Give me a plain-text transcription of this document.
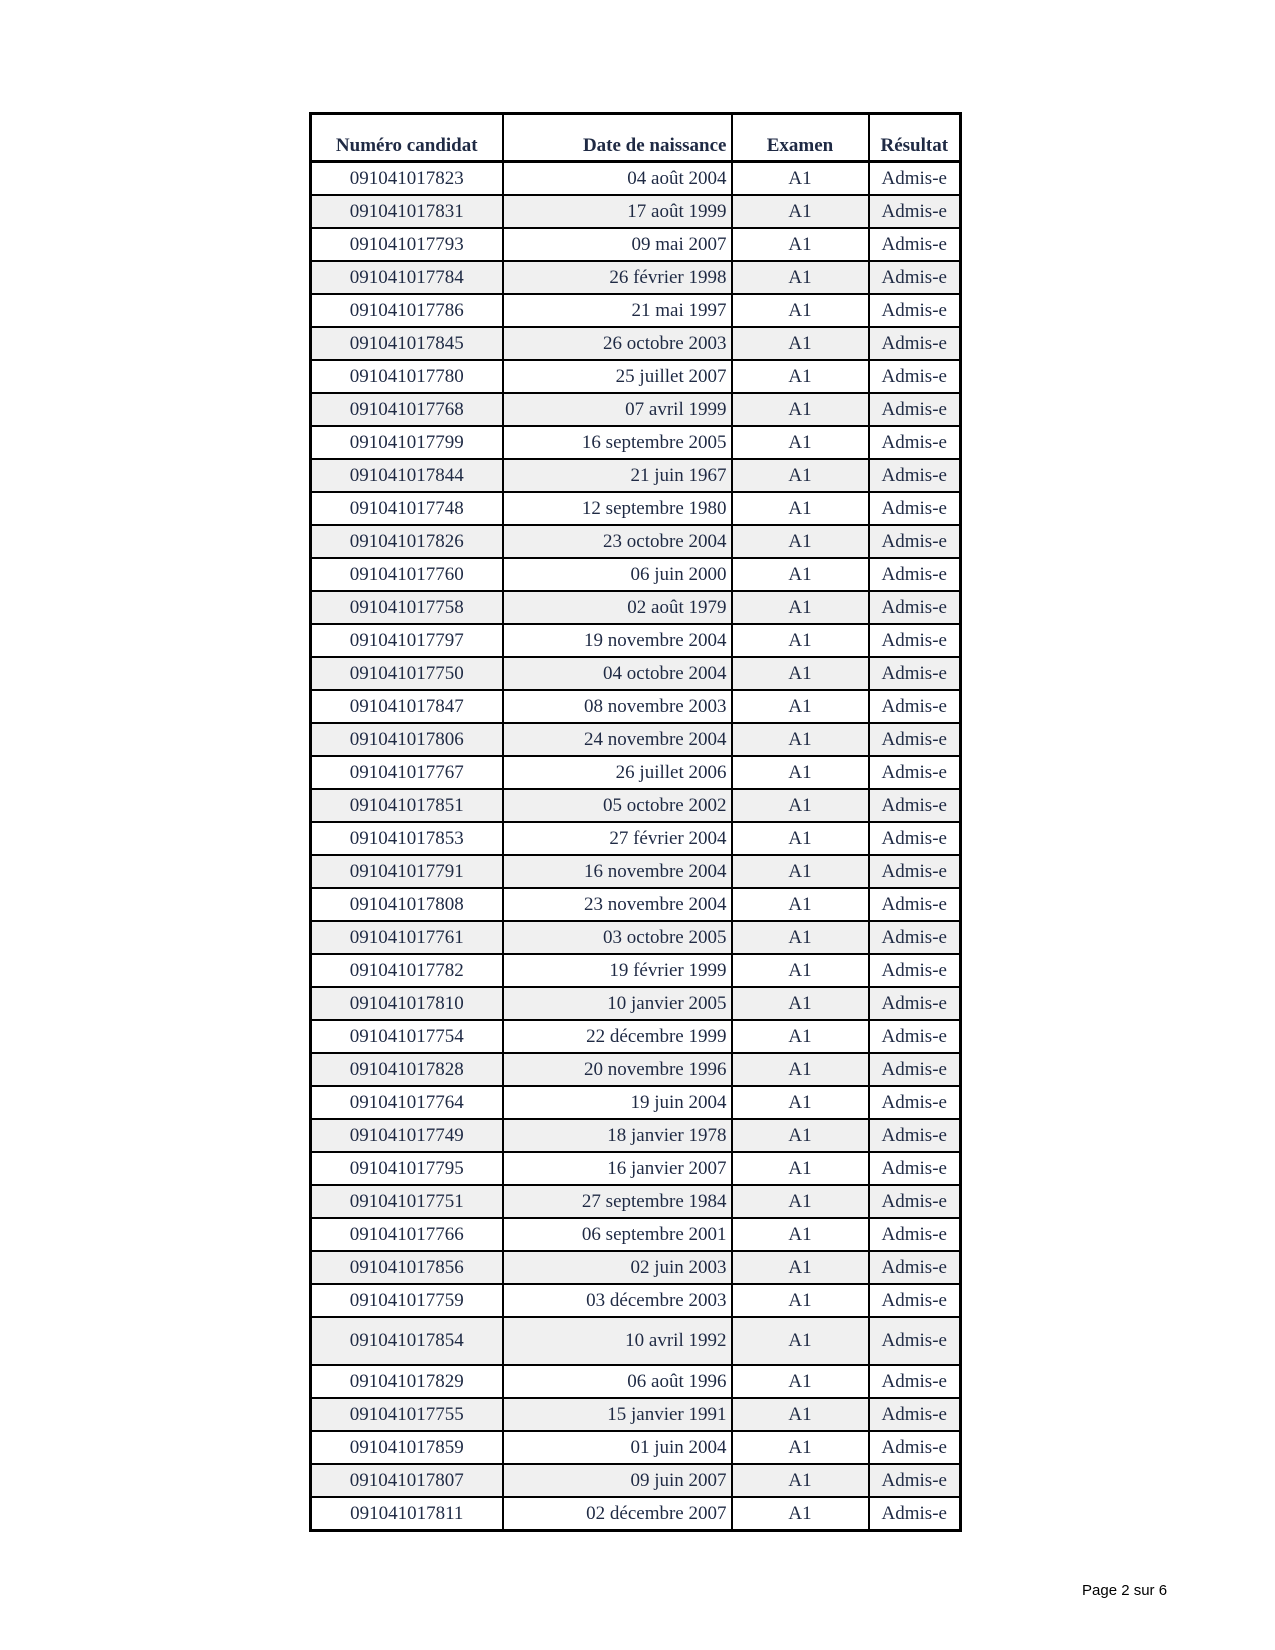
Numéro candidat	Date de naissance	Examen	Résultat
091041017823	04 août 2004	A1	Admis-e
091041017831	17 août 1999	A1	Admis-e
091041017793	09 mai 2007	A1	Admis-e
091041017784	26 février 1998	A1	Admis-e
091041017786	21 mai 1997	A1	Admis-e
091041017845	26 octobre 2003	A1	Admis-e
091041017780	25 juillet 2007	A1	Admis-e
091041017768	07 avril 1999	A1	Admis-e
091041017799	16 septembre 2005	A1	Admis-e
091041017844	21 juin 1967	A1	Admis-e
091041017748	12 septembre 1980	A1	Admis-e
091041017826	23 octobre 2004	A1	Admis-e
091041017760	06 juin 2000	A1	Admis-e
091041017758	02 août 1979	A1	Admis-e
091041017797	19 novembre 2004	A1	Admis-e
091041017750	04 octobre 2004	A1	Admis-e
091041017847	08 novembre 2003	A1	Admis-e
091041017806	24 novembre 2004	A1	Admis-e
091041017767	26 juillet 2006	A1	Admis-e
091041017851	05 octobre 2002	A1	Admis-e
091041017853	27 février 2004	A1	Admis-e
091041017791	16 novembre 2004	A1	Admis-e
091041017808	23 novembre 2004	A1	Admis-e
091041017761	03 octobre 2005	A1	Admis-e
091041017782	19 février 1999	A1	Admis-e
091041017810	10 janvier 2005	A1	Admis-e
091041017754	22 décembre 1999	A1	Admis-e
091041017828	20 novembre 1996	A1	Admis-e
091041017764	19 juin 2004	A1	Admis-e
091041017749	18 janvier 1978	A1	Admis-e
091041017795	16 janvier 2007	A1	Admis-e
091041017751	27 septembre 1984	A1	Admis-e
091041017766	06 septembre 2001	A1	Admis-e
091041017856	02 juin 2003	A1	Admis-e
091041017759	03 décembre 2003	A1	Admis-e
091041017854	10 avril 1992	A1	Admis-e
091041017829	06 août 1996	A1	Admis-e
091041017755	15 janvier 1991	A1	Admis-e
091041017859	01 juin 2004	A1	Admis-e
091041017807	09 juin 2007	A1	Admis-e
091041017811	02 décembre 2007	A1	Admis-e
Page 2 sur 6
